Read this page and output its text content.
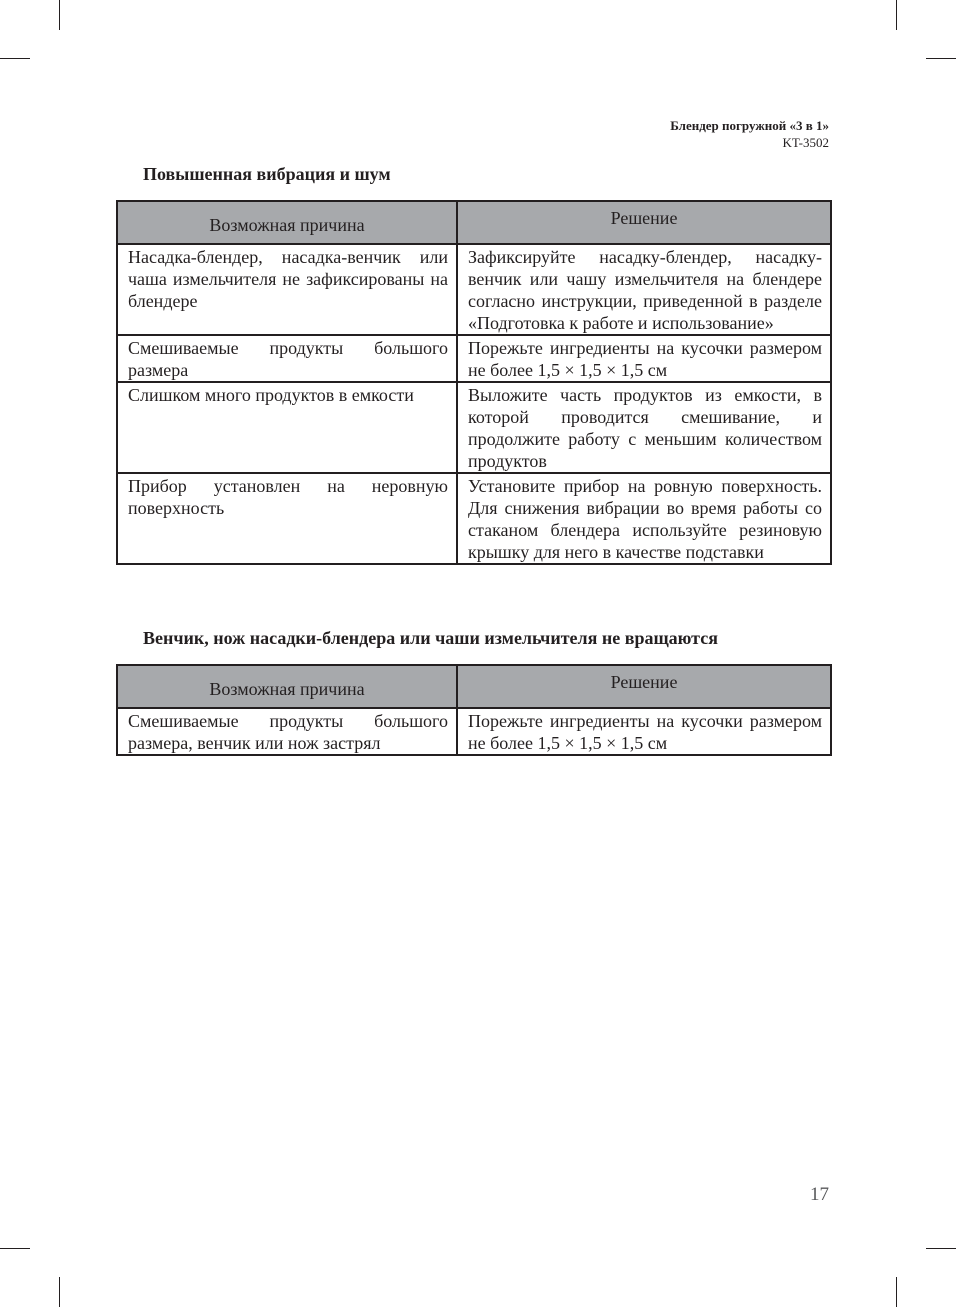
Блендер погружной «3 в 1»
KT-3502
Повышенная вибрация и шум
Возможная причина	Решение
Насадка-блендер, насадка-венчик или чаша измельчителя не зафиксированы на блендере	Зафиксируйте насадку-блендер, насадку-венчик или чашу измельчителя на блендере согласно инструкции, приведенной в разделе «Подготовка к работе и использование»
Смешиваемые продукты большого размера	Порежьте ингредиенты на кусочки размером не более 1,5 × 1,5 × 1,5 см
Слишком много продуктов в емкости	Выложите часть продуктов из емкости, в которой проводится смешивание, и продолжите работу с меньшим количеством продуктов
Прибор установлен на неровную поверхность	Установите прибор на ровную поверхность. Для снижения вибрации во время работы со стаканом блендера используйте резиновую крышку для него в качестве подставки
Венчик, нож насадки-блендера или чаши измельчителя не вращаются
Возможная причина	Решение
Смешиваемые продукты большого размера, венчик или нож застрял	Порежьте ингредиенты на кусочки размером не более 1,5 × 1,5 × 1,5 см
17
